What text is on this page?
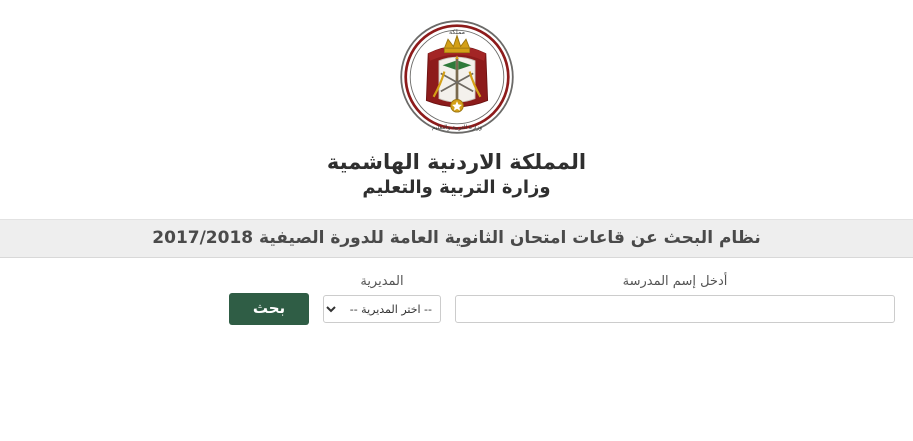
ﻣﻤﻠﻜﺔ
وزارة التربية والتعليم
المملكة الاردنية الهاشمية
وزارة التربية والتعليم
نظام البحث عن قاعات امتحان الثانوية العامة للدورة الصيفية 2017/2018
أدخل إسم المدرسة
المديرية
-- اختر المديرية --
بحث
